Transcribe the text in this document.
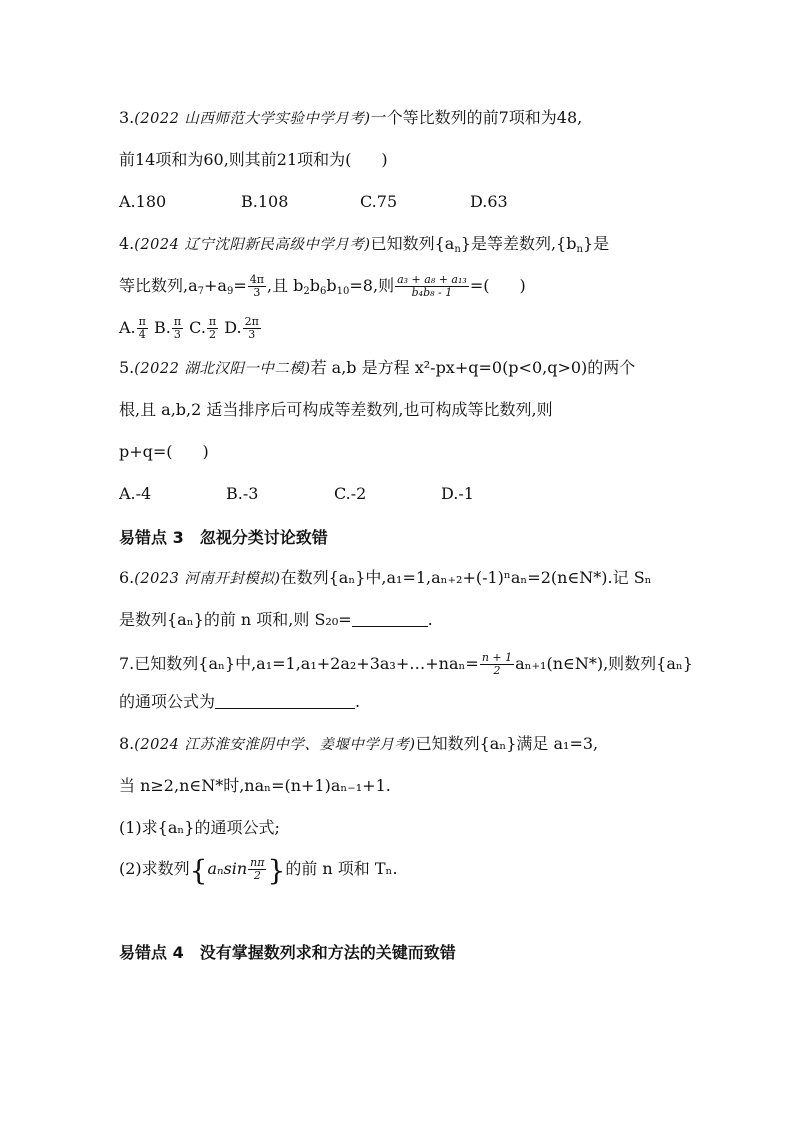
3.(2022 山西师范大学实验中学月考)一个等比数列的前7项和为48,
前14项和为60,则其前21项和为( )
A.180	B.108	C.75	D.63
4.(2024 辽宁沈阳新民高级中学月考)已知数列$\{a_n\}$是等差数列$,\{b_n\}$是
等比数列$,a_7+a_9= \frac{4\pi}{3}$ ,且 $b_2b_6b_{10}=8$,则 $\frac{\text{a₃ + a₈ + a₁₃}}{\text{b₄b₈ - 1}}$ =( )
A. $\frac{\pi}{4} B$. $\frac{\pi}{3} C$. $\frac{\pi}{2} D$. $\frac{2\pi}{3}$
5.(2022 湖北汉阳一中二模)若 a,b 是方程 x²-px+q=0(p<0,q>0)的两个
根,且 a,b,2 适当排序后可构成等差数列,也可构成等比数列,则
p+q=( )
A.-4	B.-3	C.-2	D.-1
易错点 3 忽视分类讨论致错
6.(2023 河南开封模拟)在数列{aₙ}中,a₁=1,aₙ₊₂+(-1)ⁿaₙ=2(n∈N*).记 Sₙ
是数列{aₙ}的前 n 项和,则 S₂₀=	.
7.已知数列{aₙ}中,a₁=1,a₁+2a₂+3a₃+…+naₙ= $\frac{n + 1}{2}$ aₙ₊₁(n∈N*),则数列{aₙ}
的通项公式为	.
8.(2024 江苏淮安淮阴中学、姜堰中学月考)已知数列{aₙ}满足 a₁=3,
当 n≥2,n∈N*时,naₙ=(n+1)aₙ₋₁+1.
(1)求{aₙ}的通项公式;
(2)求数列{$a_n\sin \frac{n\pi}{2}$ }的前 n 项和 Tₙ.
易错点 4 没有掌握数列求和方法的关键而致错
